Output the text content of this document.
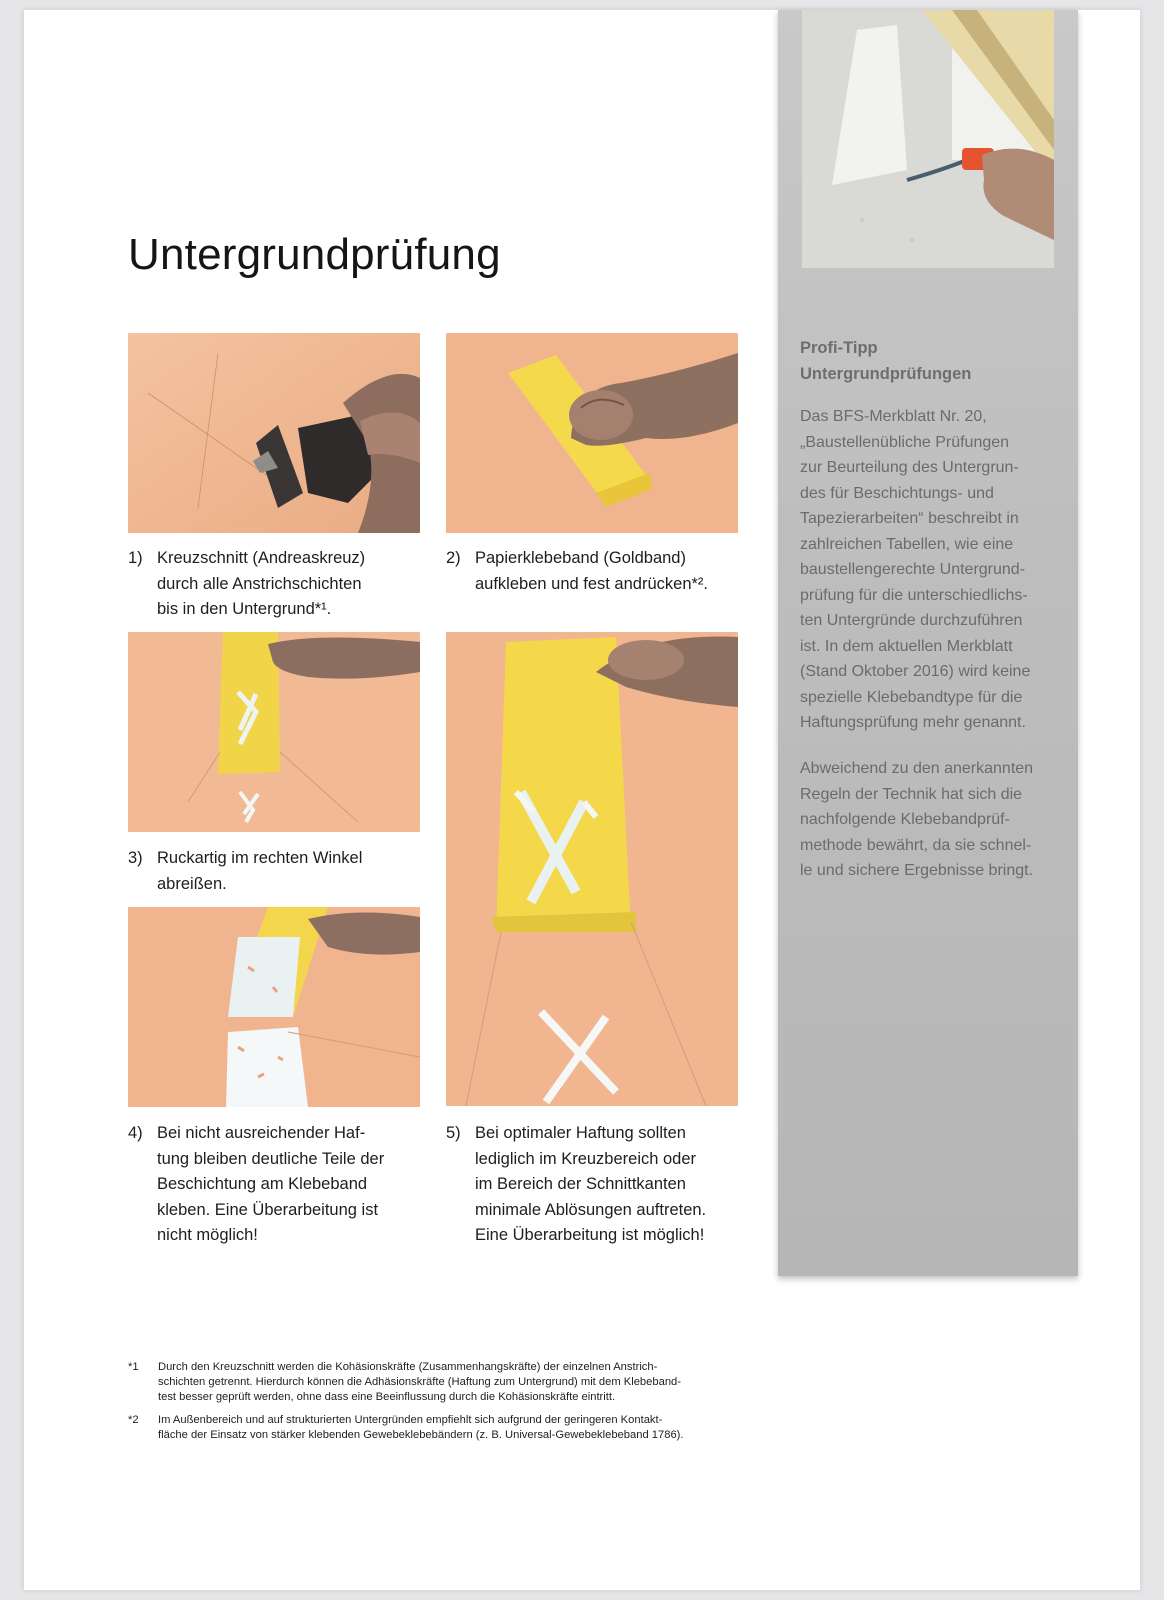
Untergrundprüfung

1) Kreuzschnitt (Andreaskreuz)
durch alle Anstrichschichten
bis in den Untergrund*¹.

2) Papierklebeband (Goldband)
aufkleben und fest andrücken*².

3) Ruckartig im rechten Winkel
abreißen.

4) Bei nicht ausreichender Haf-
tung bleiben deutliche Teile der
Beschichtung am Klebeband
kleben. Eine Überarbeitung ist
nicht möglich!

5) Bei optimaler Haftung sollten
lediglich im Kreuzbereich oder
im Bereich der Schnittkanten
minimale Ablösungen auftreten.
Eine Überarbeitung ist möglich!

Profi-Tipp
Untergrundprüfungen

Das BFS-Merkblatt Nr. 20,
„Baustellenübliche Prüfungen
zur Beurteilung des Untergrun-
des für Beschichtungs- und
Tapezierarbeiten“ beschreibt in
zahlreichen Tabellen, wie eine
baustellengerechte Untergrund-
prüfung für die unterschiedlichs-
ten Untergründe durchzuführen
ist. In dem aktuellen Merkblatt
(Stand Oktober 2016) wird keine
spezielle Klebebandtype für die
Haftungsprüfung mehr genannt.

Abweichend zu den anerkannten
Regeln der Technik hat sich die
nachfolgende Klebebandprüf-
methode bewährt, da sie schnel-
le und sichere Ergebnisse bringt.

*1 Durch den Kreuzschnitt werden die Kohäsionskräfte (Zusammenhangskräfte) der einzelnen Anstrich-
schichten getrennt. Hierdurch können die Adhäsionskräfte (Haftung zum Untergrund) mit dem Klebeband-
test besser geprüft werden, ohne dass eine Beeinflussung durch die Kohäsionskräfte eintritt.
*2 Im Außenbereich und auf strukturierten Untergründen empfiehlt sich aufgrund der geringeren Kontakt-
fläche der Einsatz von stärker klebenden Gewebeklebebändern (z. B. Universal-Gewebeklebeband 1786).
